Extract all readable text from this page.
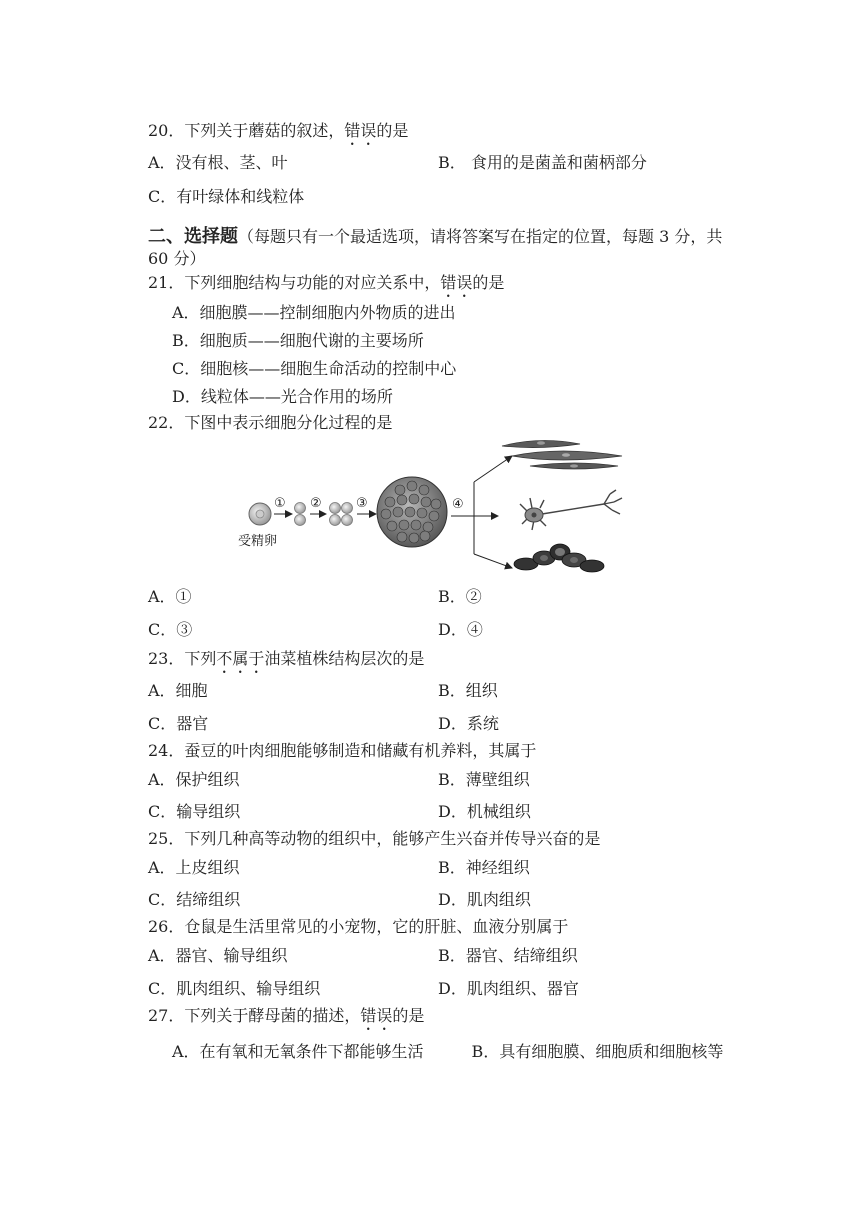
20．下列关于蘑菇的叙述，错误的是
A．没有根、茎、叶	B． 食用的是菌盖和菌柄部分
C．有叶绿体和线粒体
二、选择题（每题只有一个最适选项，请将答案写在指定的位置，每题 3 分，共 60 分）
21．下列细胞结构与功能的对应关系中，错误的是
A．细胞膜——控制细胞内外物质的进出
B．细胞质——细胞代谢的主要场所
C．细胞核——细胞生命活动的控制中心
D．线粒体——光合作用的场所
22．下图中表示细胞分化过程的是
受精卵
① ②	③	④
A．①	B．②
C．③	D．④
23．下列不属于油菜植株结构层次的是
A．细胞	B．组织
C．器官	D．系统
24．蚕豆的叶肉细胞能够制造和储藏有机养料，其属于
A．保护组织	B．薄壁组织
C．输导组织	D．机械组织
25．下列几种高等动物的组织中，能够产生兴奋并传导兴奋的是
A．上皮组织	B．神经组织
C．结缔组织	D．肌肉组织
26．仓鼠是生活里常见的小宠物，它的肝脏、血液分别属于
A．器官、输导组织	B．器官、结缔组织
C．肌肉组织、输导组织	D．肌肉组织、器官
27．下列关于酵母菌的描述，错误的是
A．在有氧和无氧条件下都能够生活　　　B．具有细胞膜、细胞质和细胞核等
